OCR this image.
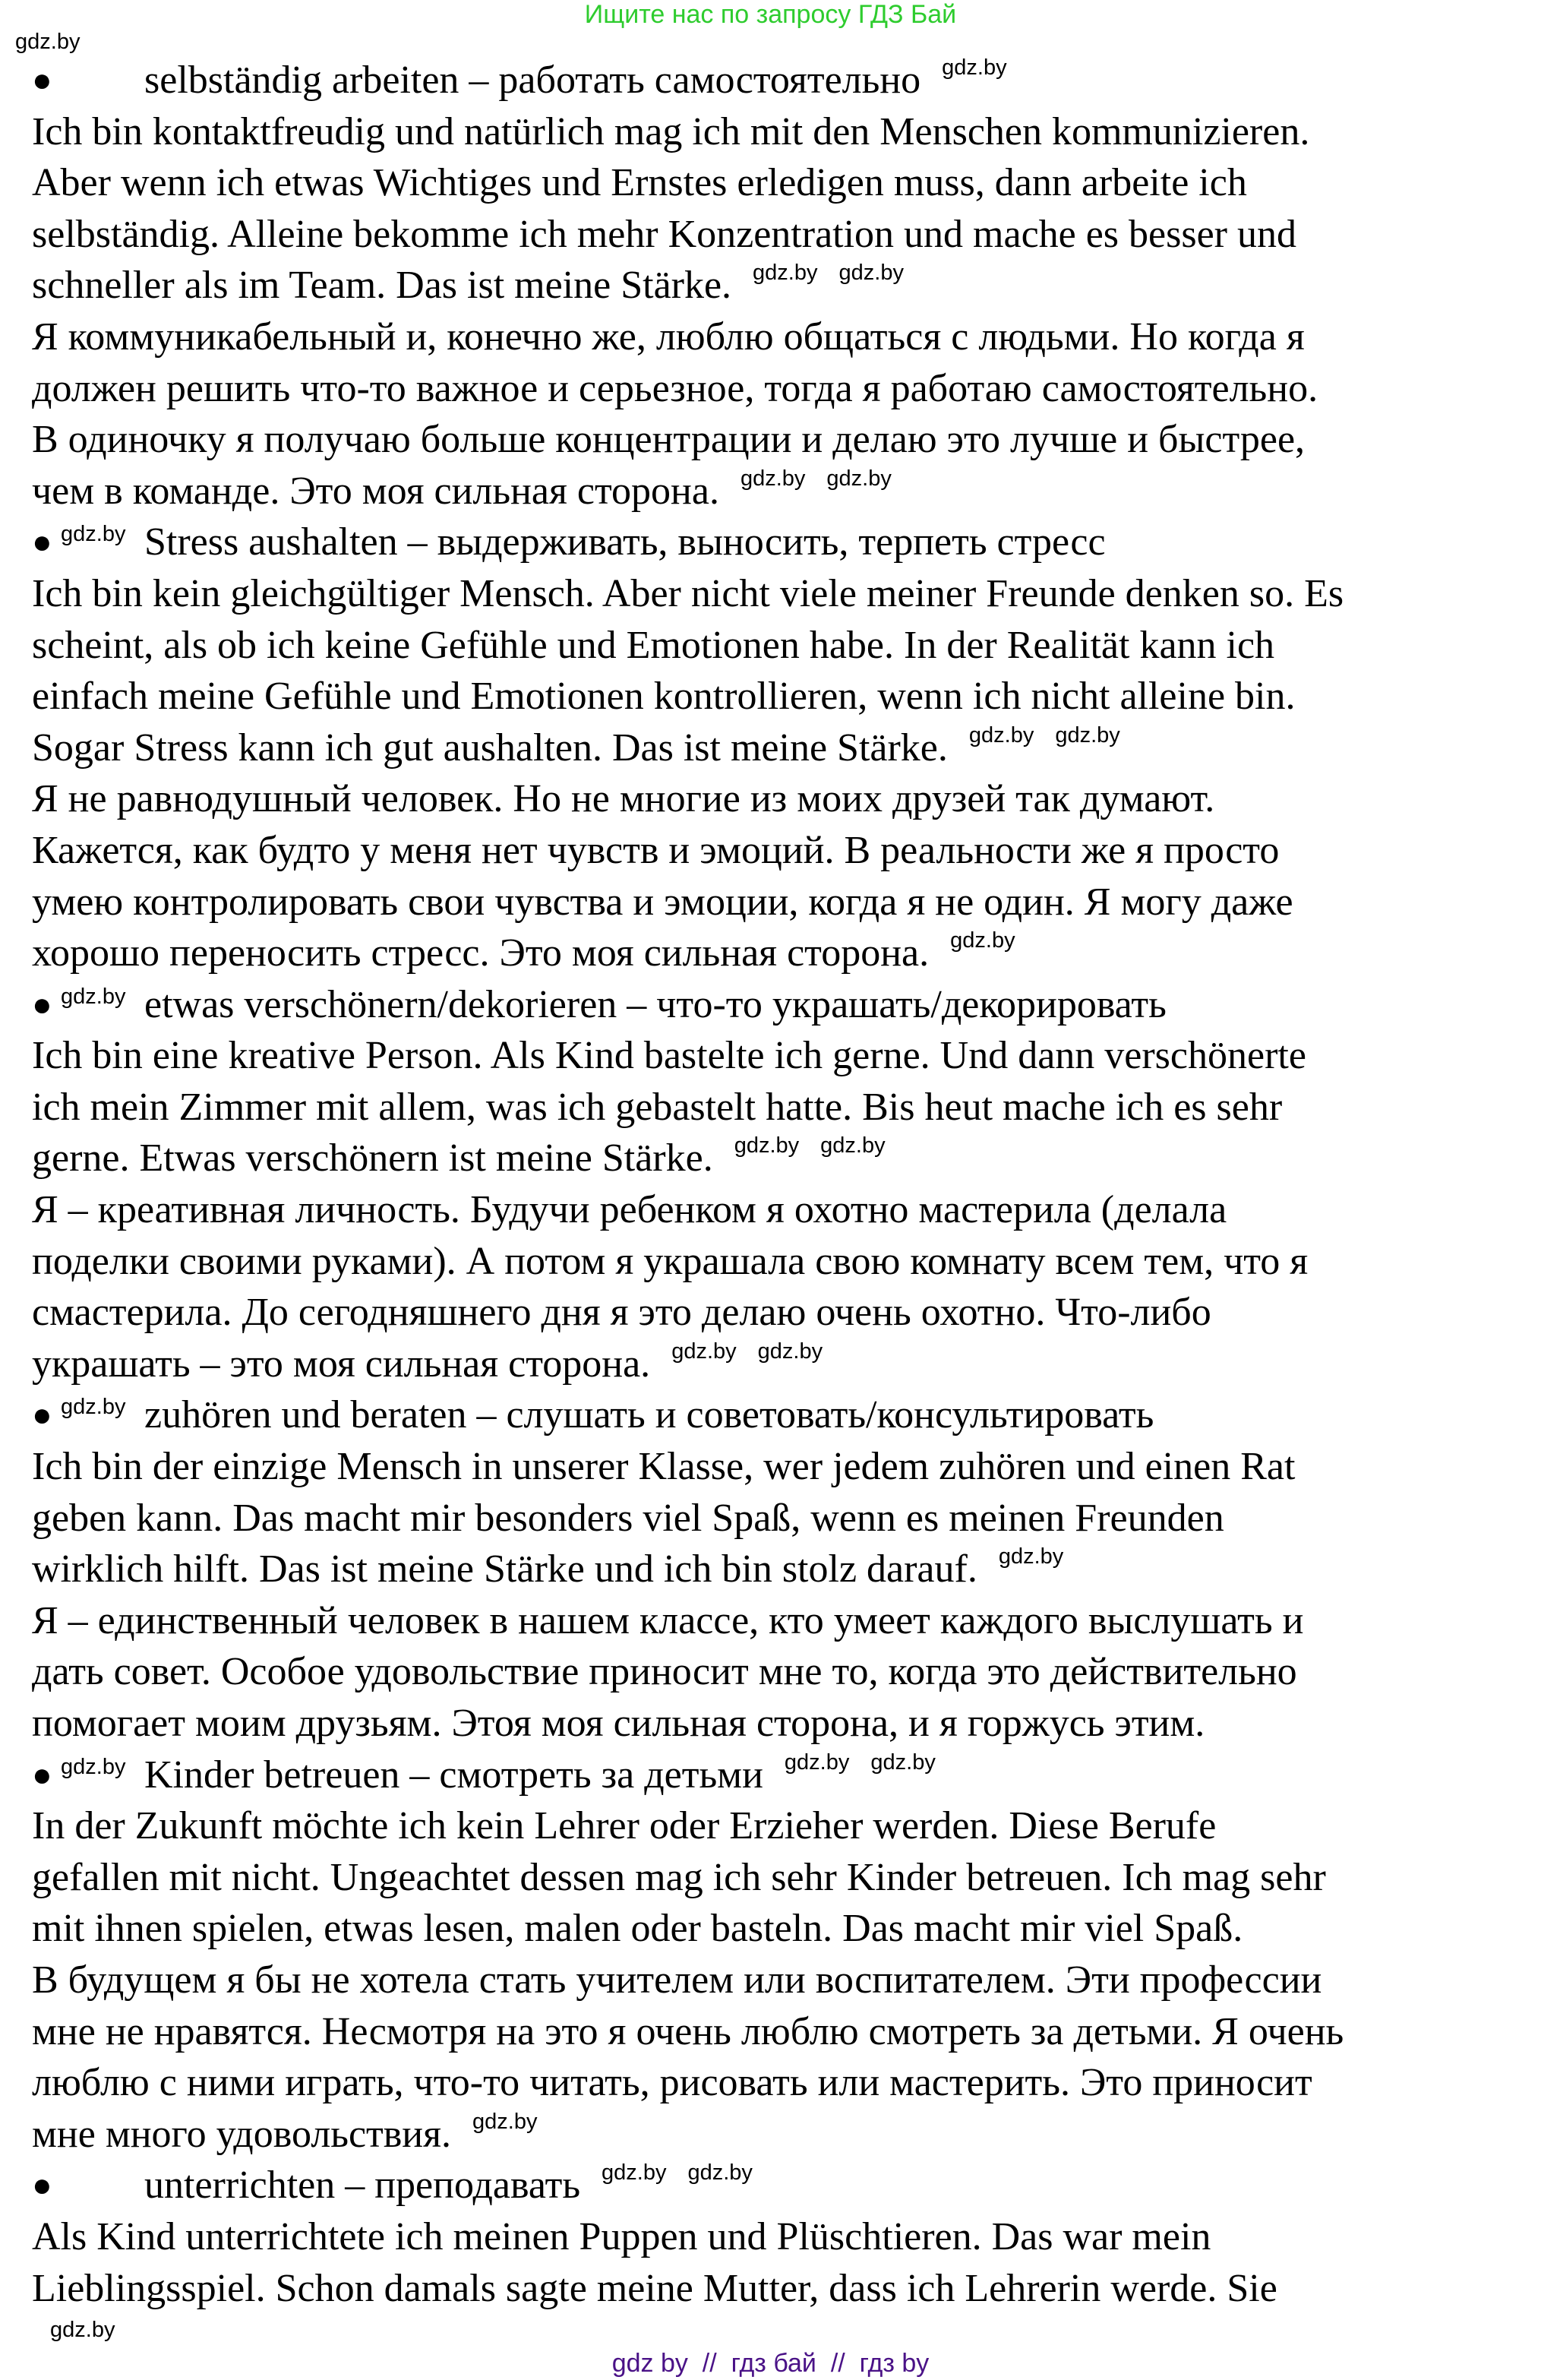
Ищите нас по запросу ГДЗ Бай
● selbständig arbeiten – работать самостоятельно gdz.by
Ich bin kontaktfreudig und natürlich mag ich mit den Menschen kommunizieren.
Aber wenn ich etwas Wichtiges und Ernstes erledigen muss, dann arbeite ich
selbständig. Alleine bekomme ich mehr Konzentration und mache es besser und
schneller als im Team. Das ist meine Stärke. gdz.by gdz.by
Я коммуникабельный и, конечно же, люблю общаться с людьми. Но когда я
должен решить что-то важное и серьезное, тогда я работаю самостоятельно.
В одиночку я получаю больше концентрации и делаю это лучше и быстрее,
чем в команде. Это моя сильная сторона. gdz.by gdz.by
● gdz.by Stress aushalten – выдерживать, выносить, терпеть стресс
Ich bin kein gleichgültiger Mensch. Aber nicht viele meiner Freunde denken so. Es
scheint, als ob ich keine Gefühle und Emotionen habe. In der Realität kann ich
einfach meine Gefühle und Emotionen kontrollieren, wenn ich nicht alleine bin.
Sogar Stress kann ich gut aushalten. Das ist meine Stärke. gdz.by gdz.by
Я не равнодушный человек. Но не многие из моих друзей так думают.
Кажется, как будто у меня нет чувств и эмоций. В реальности же я просто
умею контролировать свои чувства и эмоции, когда я не один. Я могу даже
хорошо переносить стресс. Это моя сильная сторона. gdz.by
● gdz.by etwas verschönern/dekorieren – что-то украшать/декорировать
Ich bin eine kreative Person. Als Kind bastelte ich gerne. Und dann verschönerte
ich mein Zimmer mit allem, was ich gebastelt hatte. Bis heut mache ich es sehr
gerne. Etwas verschönern ist meine Stärke. gdz.by gdz.by
Я – креативная личность. Будучи ребенком я охотно мастерила (делала
поделки своими руками). А потом я украшала свою комнату всем тем, что я
смастерила. До сегодняшнего дня я это делаю очень охотно. Что-либо
украшать – это моя сильная сторона. gdz.by gdz.by
● gdz.by zuhören und beraten – слушать и советовать/консультировать
Ich bin der einzige Mensch in unserer Klasse, wer jedem zuhören und einen Rat
geben kann. Das macht mir besonders viel Spaß, wenn es meinen Freunden
wirklich hilft. Das ist meine Stärke und ich bin stolz darauf. gdz.by
Я – единственный человек в нашем классе, кто умеет каждого выслушать и
дать совет. Особое удовольствие приносит мне то, когда это действительно
помогает моим друзьям. Этоя моя сильная сторона, и я горжусь этим.
● gdz.by Kinder betreuen – смотреть за детьми gdz.by gdz.by
In der Zukunft möchte ich kein Lehrer oder Erzieher werden. Diese Berufe
gefallen mit nicht. Ungeachtet dessen mag ich sehr Kinder betreuen. Ich mag sehr
mit ihnen spielen, etwas lesen, malen oder basteln. Das macht mir viel Spaß.
В будущем я бы не хотела стать учителем или воспитателем. Эти профессии
мне не нравятся. Несмотря на это я очень люблю смотреть за детьми. Я очень
люблю с ними играть, что-то читать, рисовать или мастерить. Это приносит
мне много удовольствия. gdz.by
● unterrichten – преподавать gdz.by gdz.by
Als Kind unterrichtete ich meinen Puppen und Plüschtieren. Das war mein
Lieblingsspiel. Schon damals sagte meine Mutter, dass ich Lehrerin werde. Sie
gdz.by
gdz.by
gdz by  //  гдз бай  //  гдз by
